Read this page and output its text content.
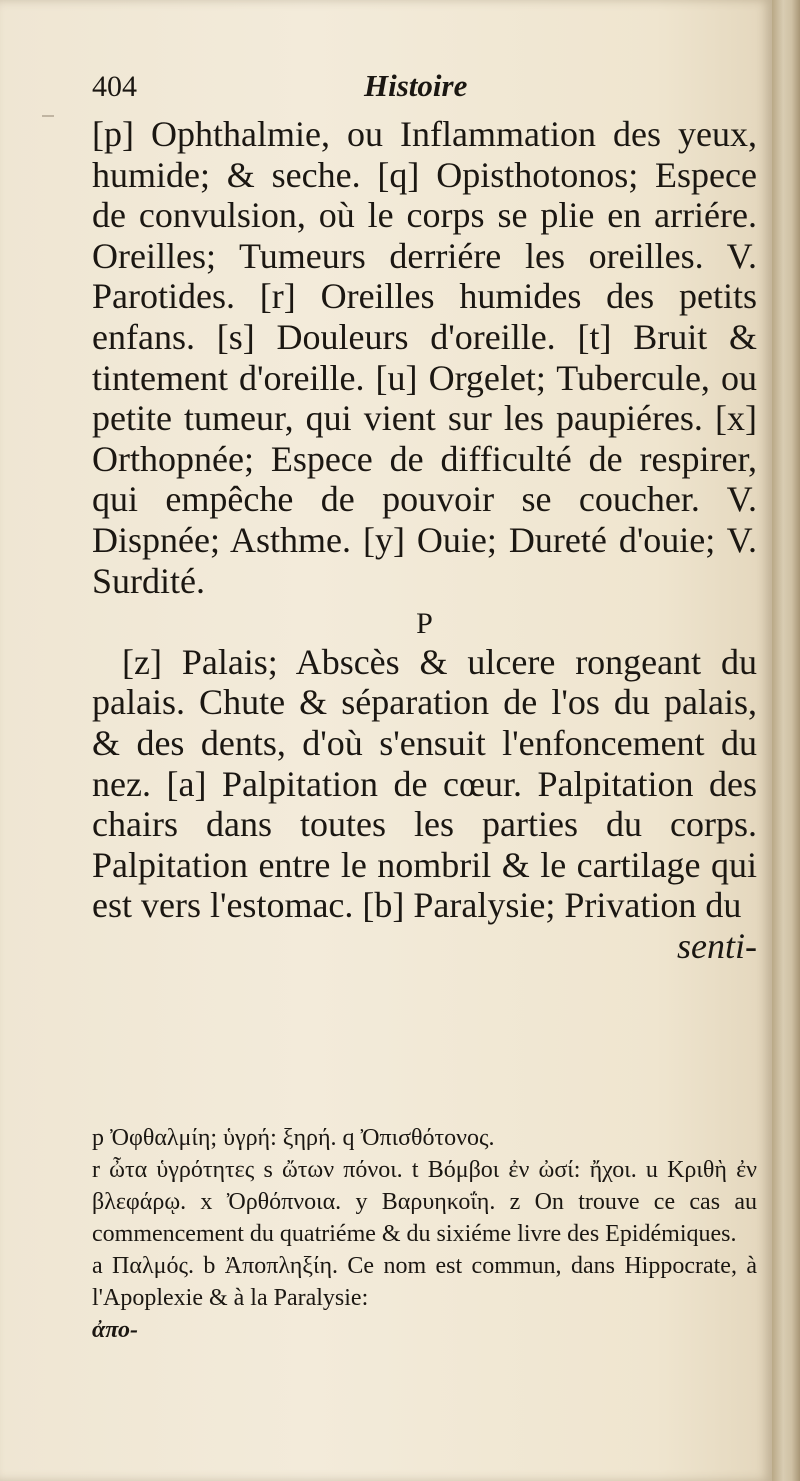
404	Histoire

[p] Ophthalmie, ou Inflammation des yeux, humide; & seche. [q] Opisthotonos; Espece de convulsion, où le corps se plie en arriére. Oreilles; Tumeurs derriére les oreilles. V. Parotides. [r] Oreilles humides des petits enfans. [s] Douleurs d'oreille. [t] Bruit & tintement d'oreille. [u] Orgelet; Tubercule, ou petite tumeur, qui vient sur les paupiéres. [x] Orthopnée; Espece de difficulté de respirer, qui empêche de pouvoir se coucher. V. Dispnée; Asthme. [y] Ouie; Dureté d'ouie; V. Surdité.

P

[z] Palais; Abscès & ulcere rongeant du palais. Chute & séparation de l'os du palais, & des dents, d'où s'ensuit l'enfoncement du nez. [a] Palpitation de cœur. Palpitation des chairs dans toutes les parties du corps. Palpitation entre le nombril & le cartilage qui est vers l'estomac. [b] Paralysie; Privation du

senti-

p Ὀφθαλμίη; ὑγρή: ξηρή. q Ὀπισθότονος.

r ὦτα ὑγρότητες s ὤτων πόνοι. t Βόμβοι ἐν ὠσί: ἤχοι. u Κριθὴ ἐν βλεφάρῳ. x Ὀρθόπνοια. y Βαρυηκοΐη. z On trouve ce cas au commencement du quatriéme & du sixiéme livre des Epidémiques.

a Παλμός. b Ἀποπληξίη. Ce nom est commun, dans Hippocrate, à l'Apoplexie & à la Paralysie:

ἀπο-
